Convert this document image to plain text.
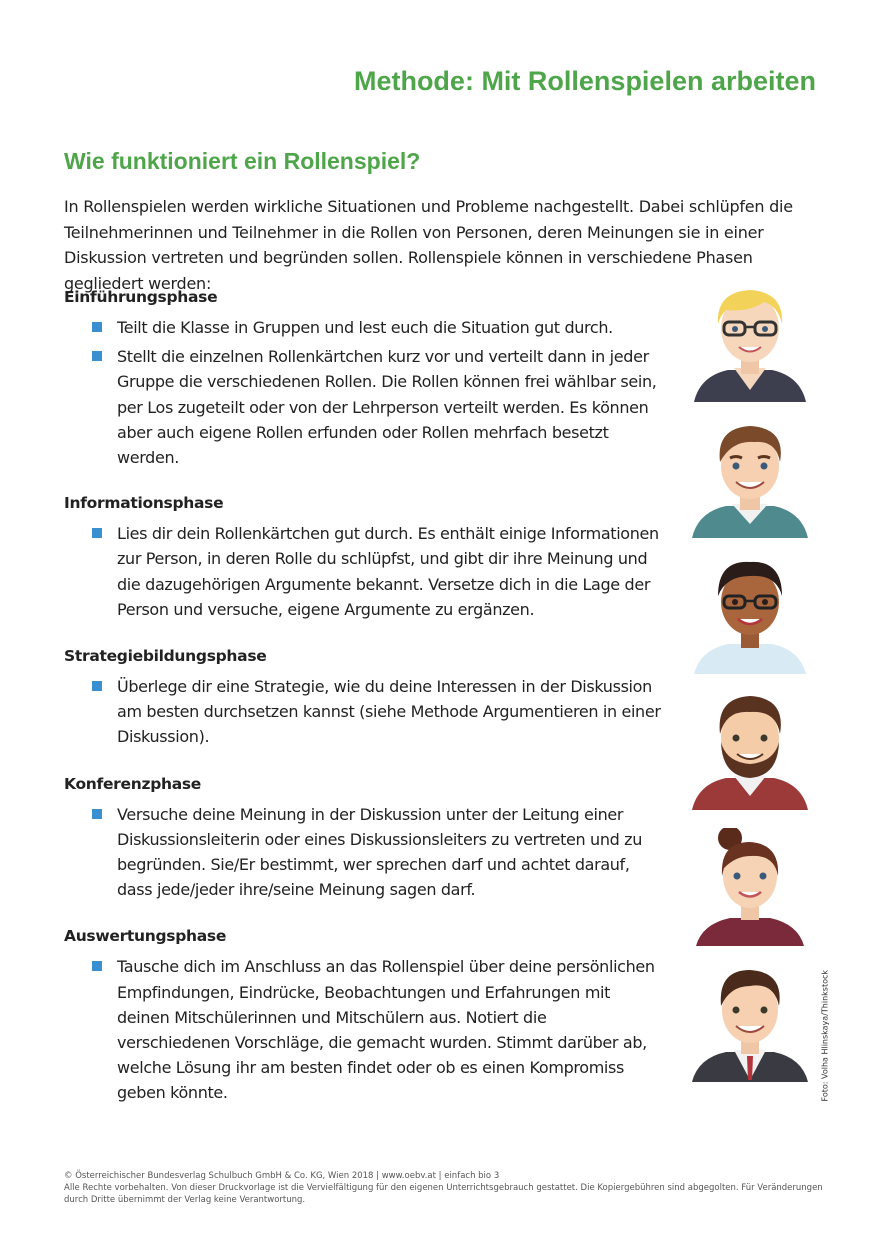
Methode: Mit Rollenspielen arbeiten
Wie funktioniert ein Rollenspiel?

In Rollenspielen werden wirkliche Situationen und Probleme nachgestellt. Dabei schlüpfen die Teilnehmerinnen und Teilnehmer in die Rollen von Personen, deren Meinungen sie in einer Diskussion vertreten und begründen sollen. Rollenspiele können in verschiedene Phasen gegliedert werden:

Einführungsphase
Teilt die Klasse in Gruppen und lest euch die Situation gut durch.
Stellt die einzelnen Rollenkärtchen kurz vor und verteilt dann in jeder Gruppe die verschiedenen Rollen. Die Rollen können frei wählbar sein, per Los zugeteilt oder von der Lehrperson verteilt werden. Es können aber auch eigene Rollen erfunden oder Rollen mehrfach besetzt werden.
Informationsphase
Lies dir dein Rollenkärtchen gut durch. Es enthält einige Informationen zur Person, in deren Rolle du schlüpfst, und gibt dir ihre Meinung und die dazugehörigen Argumente bekannt. Versetze dich in die Lage der Person und versuche, eigene Argumente zu ergänzen.
Strategiebildungsphase
Überlege dir eine Strategie, wie du deine Interessen in der Diskussion am besten durchsetzen kannst (siehe Methode Argumentieren in einer Diskussion).
Konferenzphase
Versuche deine Meinung in der Diskussion unter der Leitung einer Diskussionsleiterin oder eines Diskussionsleiters zu vertreten und zu begründen. Sie/Er bestimmt, wer sprechen darf und achtet darauf, dass jede/jeder ihre/seine Meinung sagen darf.
Auswertungsphase
Tausche dich im Anschluss an das Rollenspiel über deine persönlichen Empfindungen, Eindrücke, Beobachtungen und Erfahrungen mit deinen Mitschülerinnen und Mitschülern aus. Notiert die verschiedenen Vorschläge, die gemacht wurden. Stimmt darüber ab, welche Lösung ihr am besten findet oder ob es einen Kompromiss geben könnte.	Foto: Volha Hlinskaya/Thinkstock

© Österreichischer Bundesverlag Schulbuch GmbH & Co. KG, Wien 2018 | www.oebv.at | einfach bio 3

Alle Rechte vorbehalten. Von dieser Druckvorlage ist die Vervielfältigung für den eigenen Unterrichtsgebrauch gestattet. Die Kopiergebühren sind abgegolten. Für Veränderungen durch Dritte übernimmt der Verlag keine Verantwortung.
